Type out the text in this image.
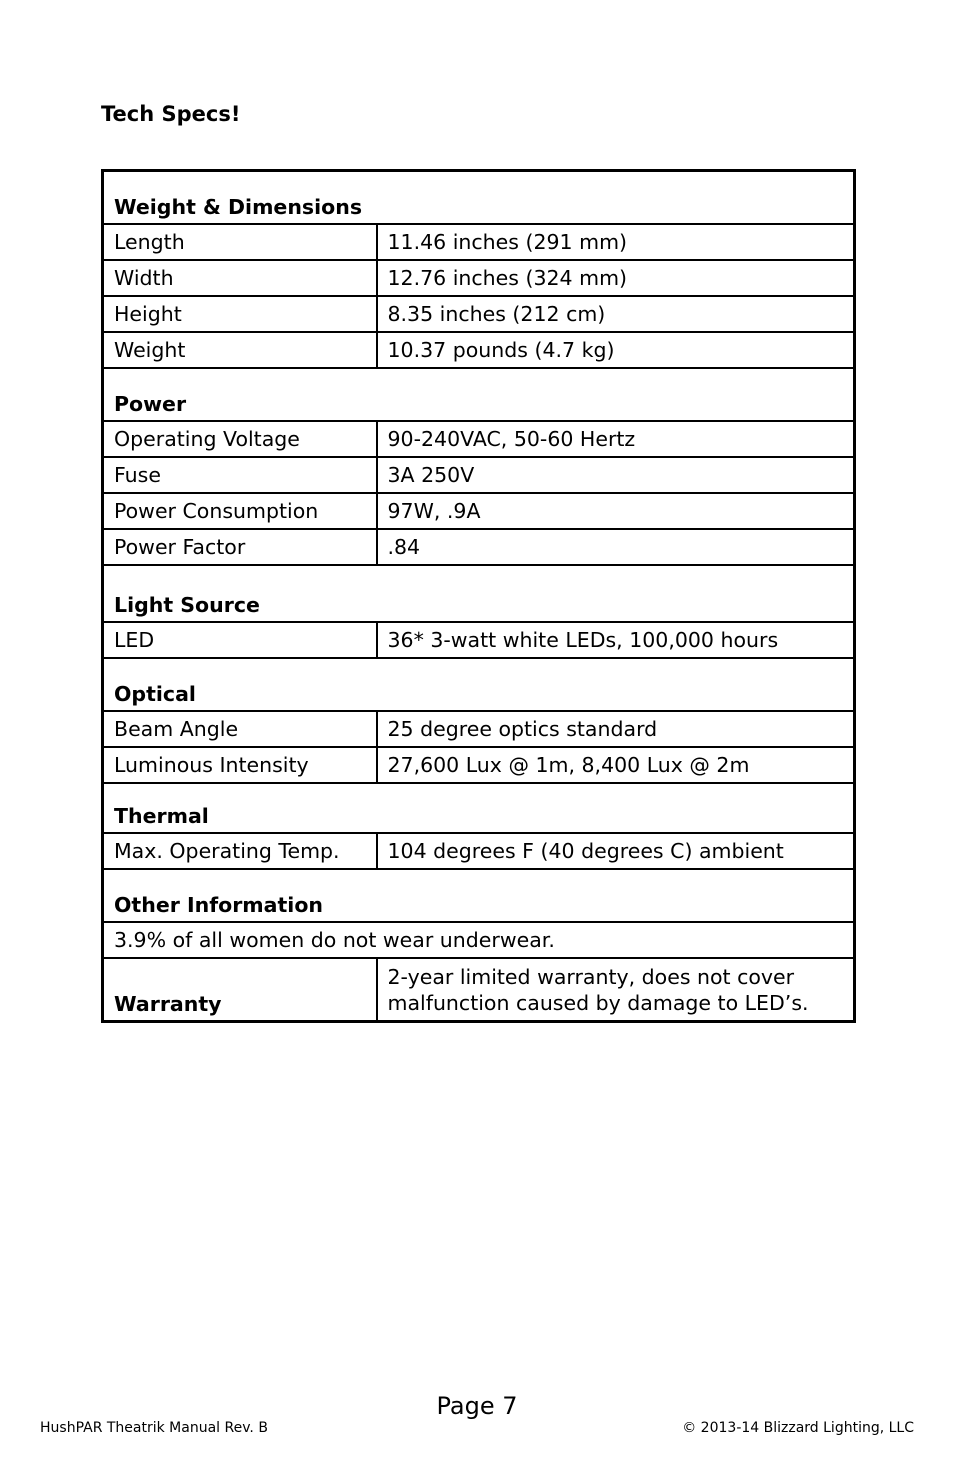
Tech Specs!
Weight & Dimensions	
Length	11.46 inches (291 mm)
Width	12.76 inches (324 mm)
Height	8.35 inches (212 cm)
Weight	10.37 pounds (4.7 kg)
Power	
Operating Voltage	90-240VAC, 50-60 Hertz
Fuse	3A 250V
Power Consumption	97W, .9A
Power Factor	.84
Light Source	
LED	36* 3-watt white LEDs, 100,000 hours
Optical	
Beam Angle	25 degree optics standard
Luminous Intensity	27,600 Lux @ 1m, 8,400 Lux @ 2m
Thermal	
Max. Operating Temp.	104 degrees F (40 degrees C) ambient
Other Information	
3.9% of all women do not wear underwear.	
Warranty	2-year limited warranty, does not cover
malfunction caused by damage to LED’s.

Page 7

HushPAR Theatrik Manual Rev. B	© 2013-14 Blizzard Lighting, LLC
